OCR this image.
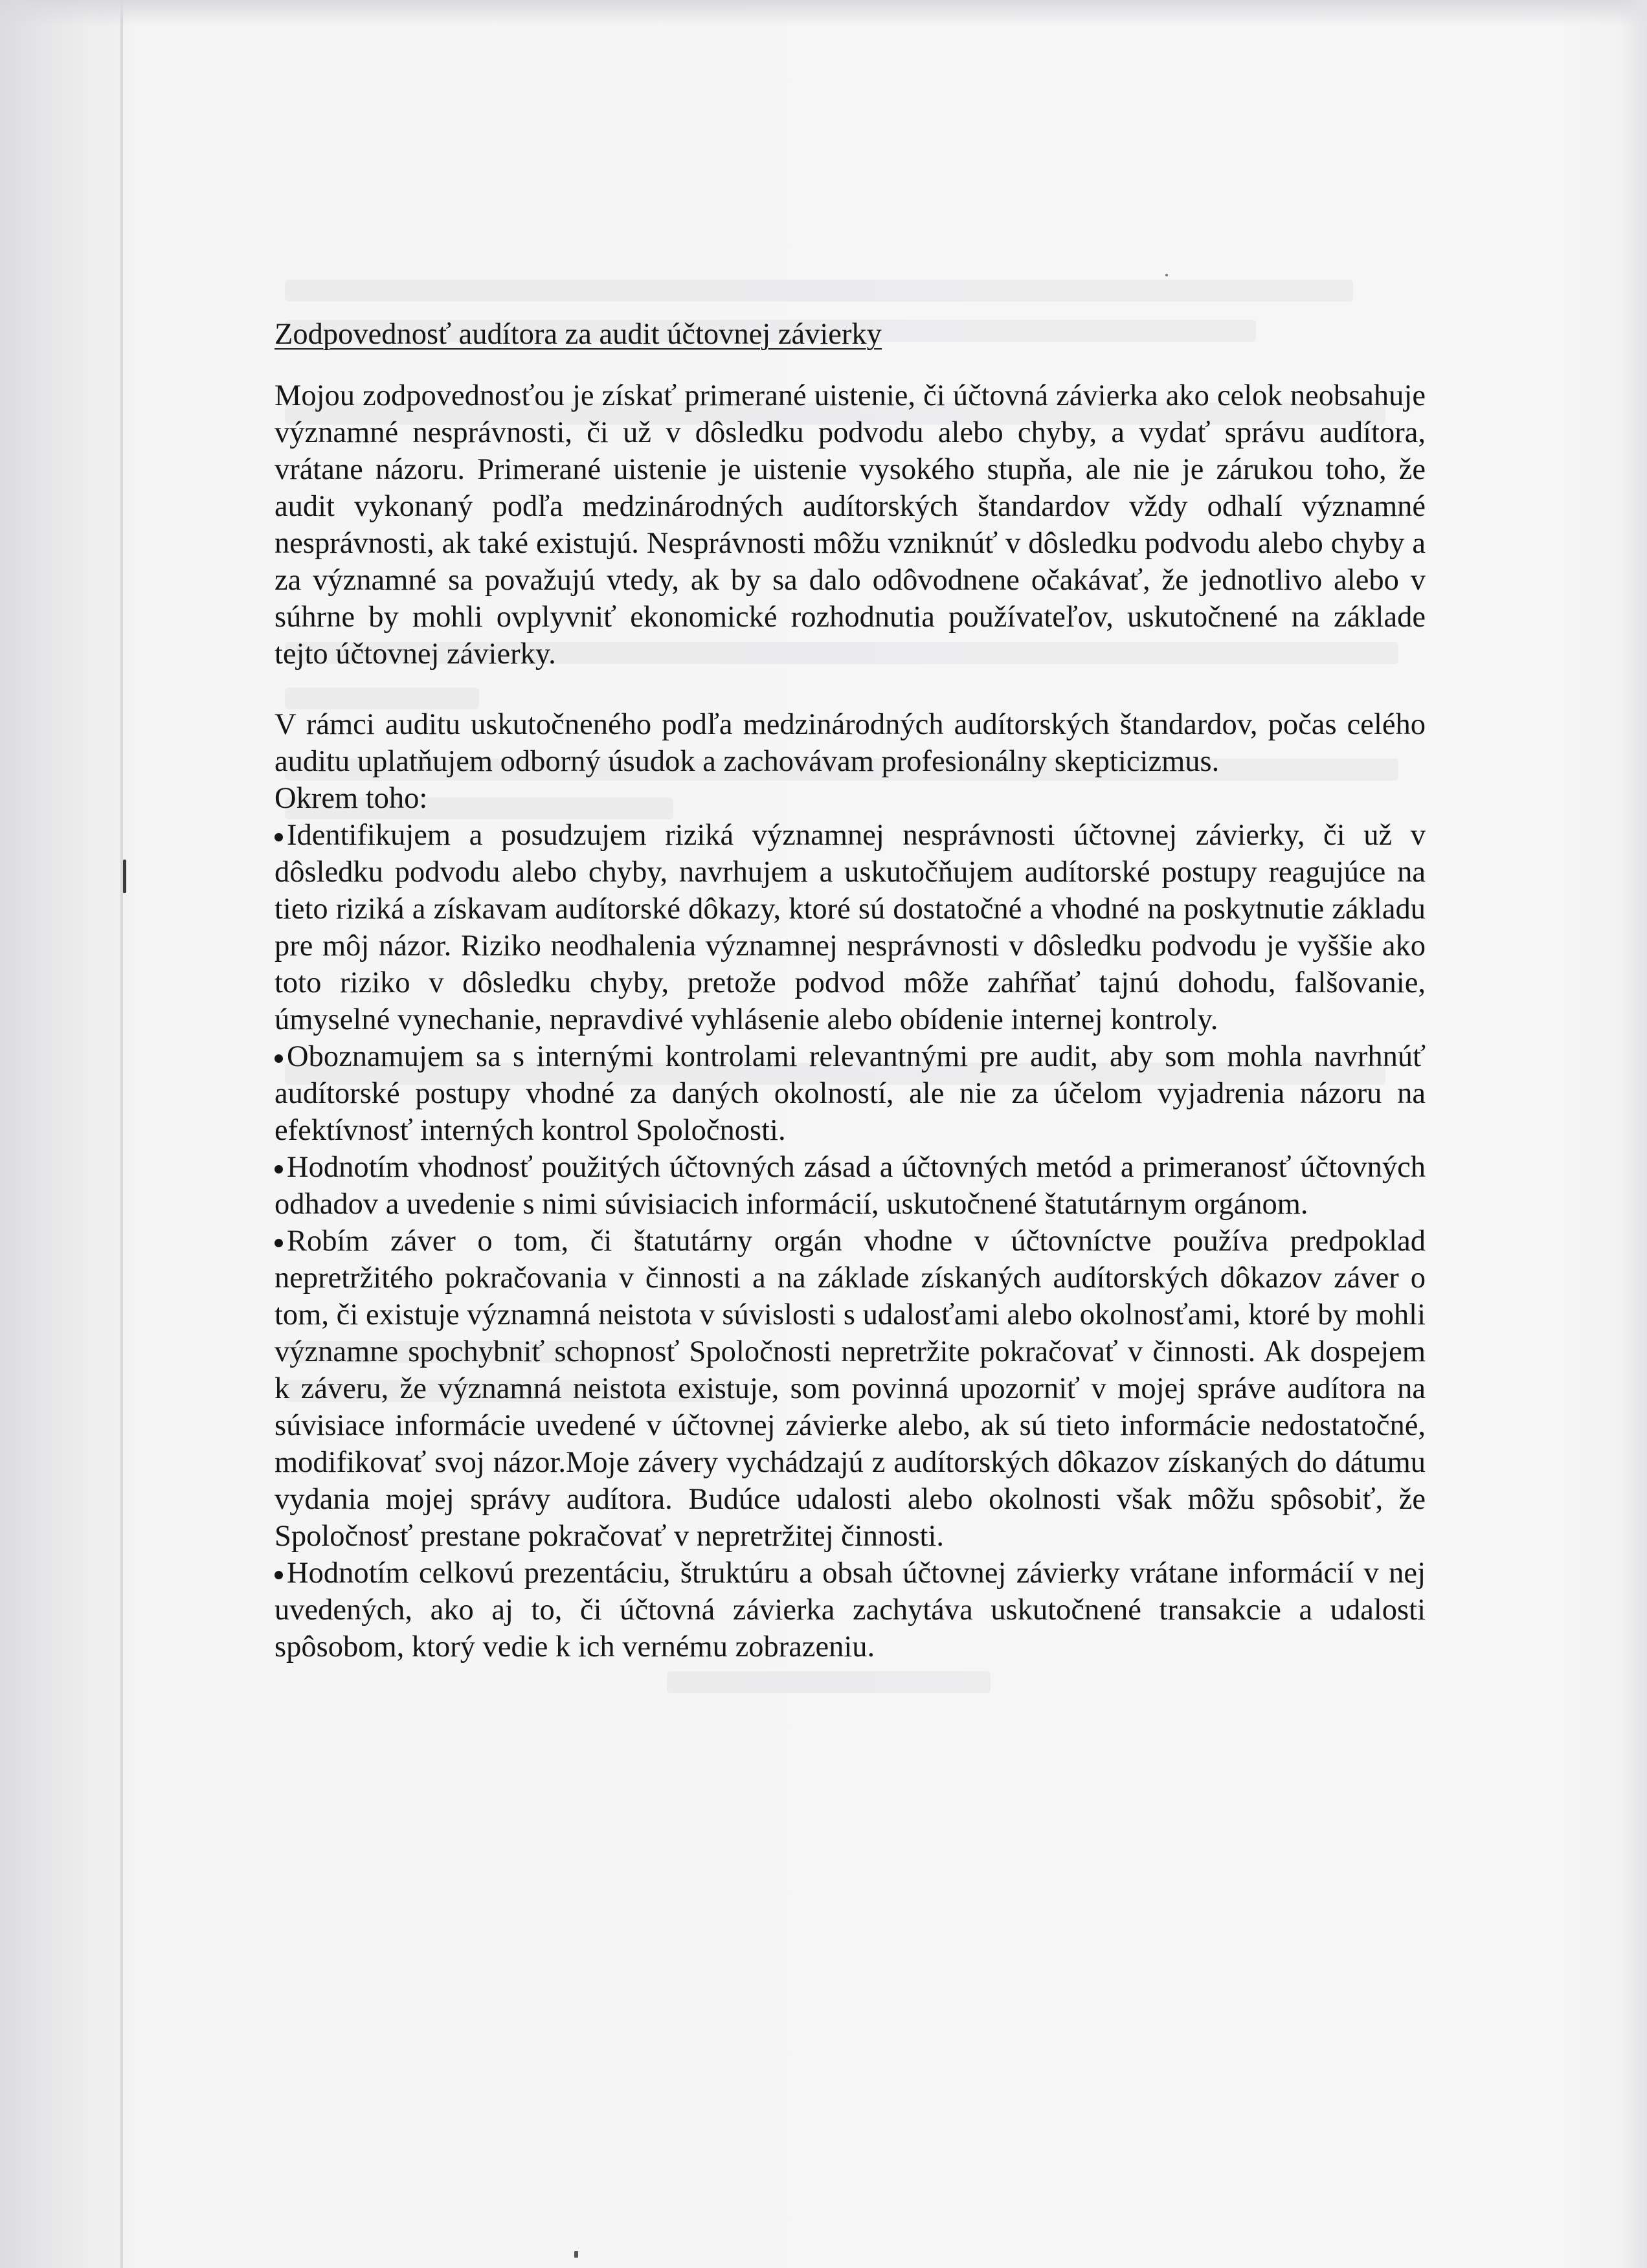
Zodpovednosť audítora za audit účtovnej závierky

Mojou zodpovednosťou je získať primerané uistenie, či účtovná závierka ako celok neobsahuje významné nesprávnosti, či už v dôsledku podvodu alebo chyby, a vydať správu audítora, vrátane názoru. Primerané uistenie je uistenie vysokého stupňa, ale nie je zárukou toho, že audit vykonaný podľa medzinárodných audítorských štandardov vždy odhalí významné nesprávnosti, ak také existujú. Nesprávnosti môžu vzniknúť v dôsledku podvodu alebo chyby a za významné sa považujú vtedy, ak by sa dalo odôvodnene očakávať, že jednotlivo alebo v súhrne by mohli ovplyvniť ekonomické rozhodnutia používateľov, uskutočnené na základe tejto účtovnej závierky.

V rámci auditu uskutočneného podľa medzinárodných audítorských štandardov, počas celého auditu uplatňujem odborný úsudok a zachovávam profesionálny skepticizmus.

Okrem toho:

Identifikujem a posudzujem riziká významnej nesprávnosti účtovnej závierky, či už v dôsledku podvodu alebo chyby, navrhujem a uskutočňujem audítorské postupy reagujúce na tieto riziká a získavam audítorské dôkazy, ktoré sú dostatočné a vhodné na poskytnutie základu pre môj názor. Riziko neodhalenia významnej nesprávnosti v dôsledku podvodu je vyššie ako toto riziko v dôsledku chyby, pretože podvod môže zahŕňať tajnú dohodu, falšovanie, úmyselné vynechanie, nepravdivé vyhlásenie alebo obídenie internej kontroly.

Oboznamujem sa s internými kontrolami relevantnými pre audit, aby som mohla navrhnúť audítorské postupy vhodné za daných okolností, ale nie za účelom vyjadrenia názoru na efektívnosť interných kontrol Spoločnosti.

Hodnotím vhodnosť použitých účtovných zásad a účtovných metód a primeranosť účtovných odhadov a uvedenie s nimi súvisiacich informácií, uskutočnené štatutárnym orgánom.

Robím záver o tom, či štatutárny orgán vhodne v účtovníctve používa predpoklad nepretržitého pokračovania v činnosti a na základe získaných audítorských dôkazov záver o tom, či existuje významná neistota v súvislosti s udalosťami alebo okolnosťami, ktoré by mohli významne spochybniť schopnosť Spoločnosti nepretržite pokračovať v činnosti. Ak dospejem k záveru, že významná neistota existuje, som povinná upozorniť v mojej správe audítora na súvisiace informácie uvedené v účtovnej závierke alebo, ak sú tieto informácie nedostatočné, modifikovať svoj názor.Moje závery vychádzajú z audítorských dôkazov získaných do dátumu vydania mojej správy audítora. Budúce udalosti alebo okolnosti však môžu spôsobiť, že Spoločnosť prestane pokračovať v nepretržitej činnosti.

Hodnotím celkovú prezentáciu, štruktúru a obsah účtovnej závierky vrátane informácií v nej uvedených, ako aj to, či účtovná závierka zachytáva uskutočnené transakcie a udalosti spôsobom, ktorý vedie k ich vernému zobrazeniu.
